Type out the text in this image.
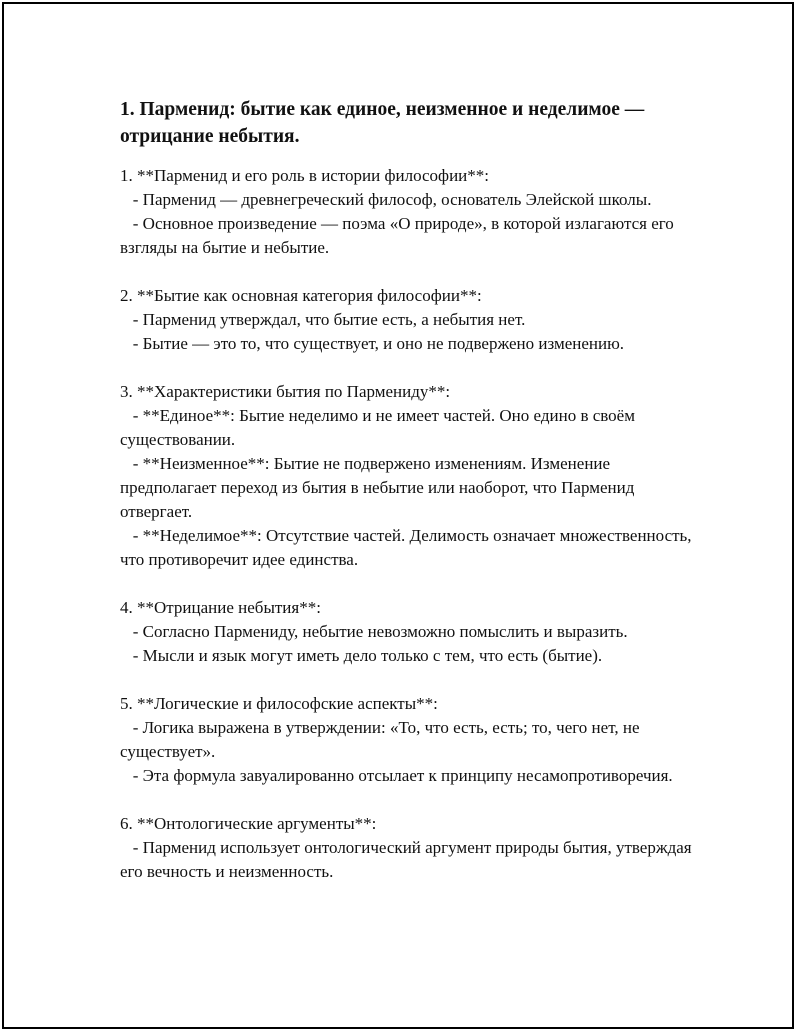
1. Парменид: бытие как единое, неизменное и неделимое — отрицание небытия.
1. **Парменид и его роль в истории философии**:
- Парменид — древнегреческий философ, основатель Элейской школы.
- Основное произведение — поэма «О природе», в которой излагаются его взгляды на бытие и небытие.
2. **Бытие как основная категория философии**:
- Парменид утверждал, что бытие есть, а небытия нет.
- Бытие — это то, что существует, и оно не подвержено изменению.
3. **Характеристики бытия по Пармениду**:
- **Единое**: Бытие неделимо и не имеет частей. Оно едино в своём существовании.
- **Неизменное**: Бытие не подвержено изменениям. Изменение предполагает переход из бытия в небытие или наоборот, что Парменид отвергает.
- **Неделимое**: Отсутствие частей. Делимость означает множественность, что противоречит идее единства.
4. **Отрицание небытия**:
- Согласно Пармениду, небытие невозможно помыслить и выразить.
- Мысли и язык могут иметь дело только с тем, что есть (бытие).
5. **Логические и философские аспекты**:
- Логика выражена в утверждении: «То, что есть, есть; то, чего нет, не существует».
- Эта формула завуалированно отсылает к принципу несамопротиворечия.
6. **Онтологические аргументы**:
- Парменид использует онтологический аргумент природы бытия, утверждая его вечность и неизменность.
